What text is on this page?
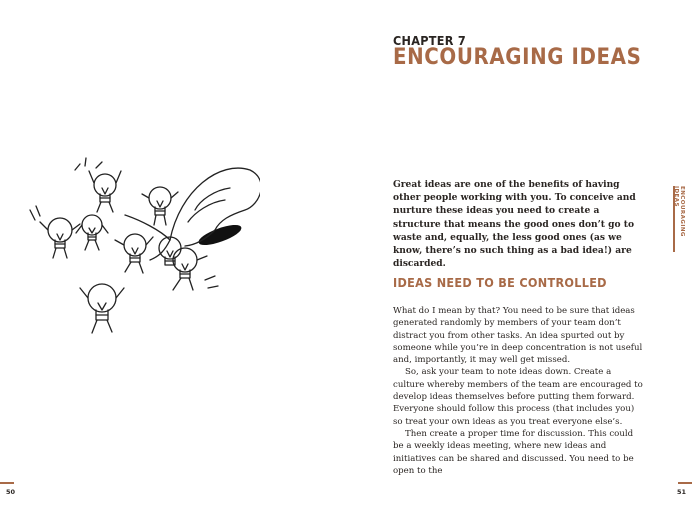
50
CHAPTER 7
ENCOURAGING IDEAS
Great ideas are one of the benefits of having other people working with you. To conceive and nurture these ideas you need to create a structure that means the good ones don’t go to waste and, equally, the less good ones (as we know, there’s no such thing as a bad idea!) are discarded.
IDEAS NEED TO BE CONTROLLED

What do I mean by that? You need to be sure that ideas generated randomly by members of your team don’t distract you from other tasks. An idea spurted out by someone while you’re in deep concentration is not useful and, importantly, it may well get missed.

So, ask your team to note ideas down. Create a culture whereby members of the team are encouraged to develop ideas themselves before putting them forward. Everyone should follow this process (that includes you) so treat your own ideas as you treat everyone else’s.

Then create a proper time for discussion. This could be a weekly ideas meeting, where new ideas and initiatives can be shared and discussed. You need to be open to the

ENCOURAGING IDEAS
51
